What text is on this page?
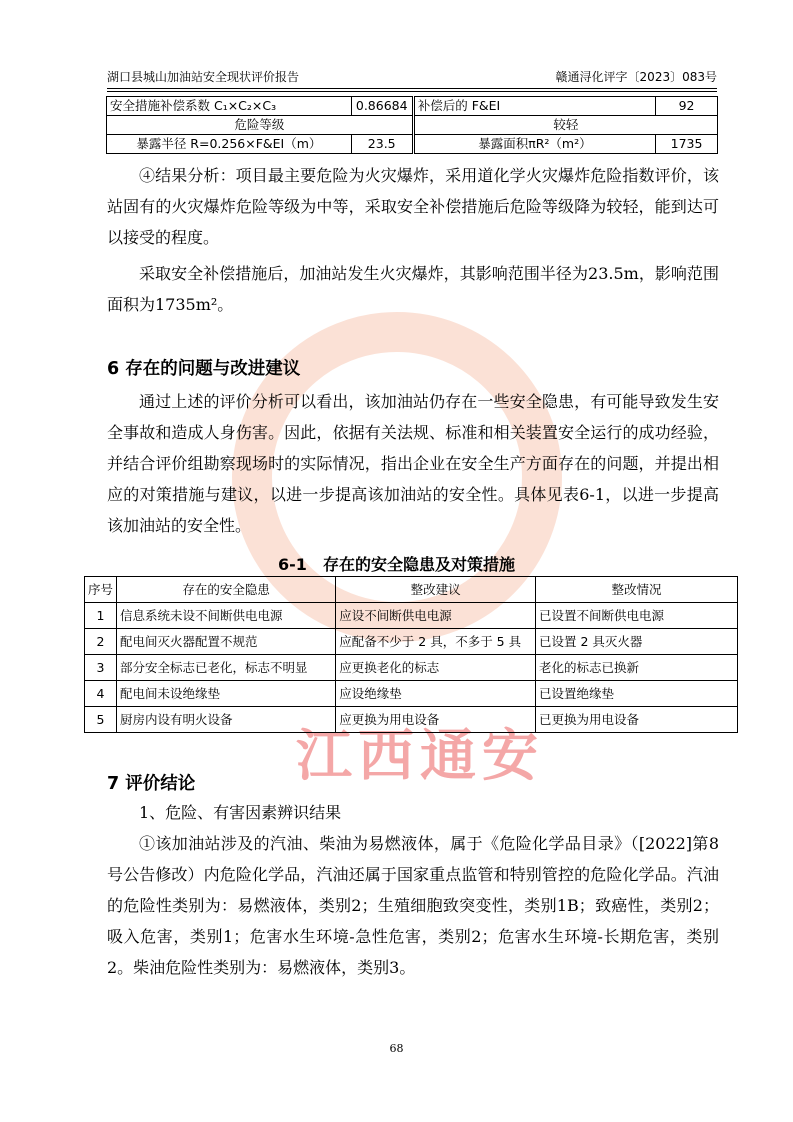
江西通安
湖口县城山加油站安全现状评价报告	赣通浔化评字〔2023〕083号
安全措施补偿系数 C₁×C₂×C₃	0.86684	补偿后的 F&EI	92
危险等级		较轻	
暴露半径 R=0.256×F&EI（m）	23.5	暴露面积πR²（m²）	1735

④结果分析：项目最主要危险为火灾爆炸，采用道化学火灾爆炸危险指数评价，该站固有的火灾爆炸危险等级为中等，采取安全补偿措施后危险等级降为较轻，能到达可以接受的程度。

采取安全补偿措施后，加油站发生火灾爆炸，其影响范围半径为23.5m，影响范围面积为1735m²。

6 存在的问题与改进建议

通过上述的评价分析可以看出，该加油站仍存在一些安全隐患，有可能导致发生安全事故和造成人身伤害。因此，依据有关法规、标准和相关装置安全运行的成功经验，并结合评价组勘察现场时的实际情况，指出企业在安全生产方面存在的问题，并提出相应的对策措施与建议，以进一步提高该加油站的安全性。具体见表6-1，以进一步提高该加油站的安全性。

6-1　存在的安全隐患及对策措施
序号	存在的安全隐患	整改建议	整改情况
1	信息系统未设不间断供电电源	应设不间断供电电源	已设置不间断供电电源
2	配电间灭火器配置不规范	应配备不少于 2 具，不多于 5 具	已设置 2 具灭火器
3	部分安全标志已老化，标志不明显	应更换老化的标志	老化的标志已换新
4	配电间未设绝缘垫	应设绝缘垫	已设置绝缘垫
5	厨房内设有明火设备	应更换为用电设备	已更换为用电设备
7 评价结论

1、危险、有害因素辨识结果

①该加油站涉及的汽油、柴油为易燃液体，属于《危险化学品目录》（[2022]第8号公告修改）内危险化学品，汽油还属于国家重点监管和特别管控的危险化学品。汽油的危险性类别为：易燃液体，类别2；生殖细胞致突变性，类别1B；致癌性，类别2；吸入危害，类别1；危害水生环境-急性危害，类别2；危害水生环境-长期危害，类别2。柴油危险性类别为：易燃液体，类别3。

68
